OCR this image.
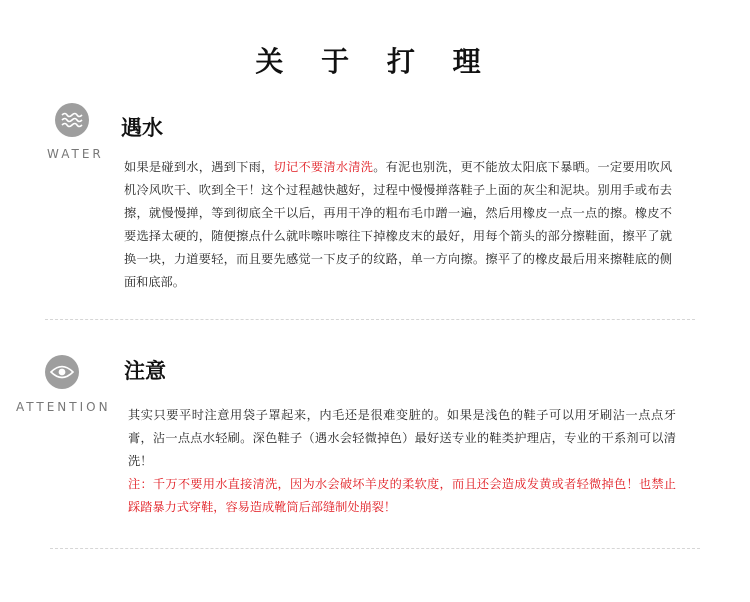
关 于 打 理
WATER
遇水
如果是碰到水，遇到下雨，切记不要清水清洗。有泥也别洗，更不能放太阳底下暴晒。一定要用吹风机冷风吹干、吹到全干！这个过程越快越好，过程中慢慢掸落鞋子上面的灰尘和泥块。别用手或布去擦，就慢慢掸，等到彻底全干以后，再用干净的粗布毛巾蹭一遍，然后用橡皮一点一点的擦。橡皮不要选择太硬的，随便擦点什么就咔嚓咔嚓往下掉橡皮末的最好，用每个箭头的部分擦鞋面，擦平了就换一块，力道要轻，而且要先感觉一下皮子的纹路，单一方向擦。擦平了的橡皮最后用来擦鞋底的侧面和底部。
ATTENTION
注意
其实只要平时注意用袋子罩起来，内毛还是很难变脏的。如果是浅色的鞋子可以用牙刷沾一点点牙膏，沾一点点水轻刷。深色鞋子（遇水会轻微掉色）最好送专业的鞋类护理店，专业的干系剂可以清洗！
注：千万不要用水直接清洗，因为水会破坏羊皮的柔软度，而且还会造成发黄或者轻微掉色！也禁止踩踏暴力式穿鞋，容易造成靴筒后部缝制处崩裂！
